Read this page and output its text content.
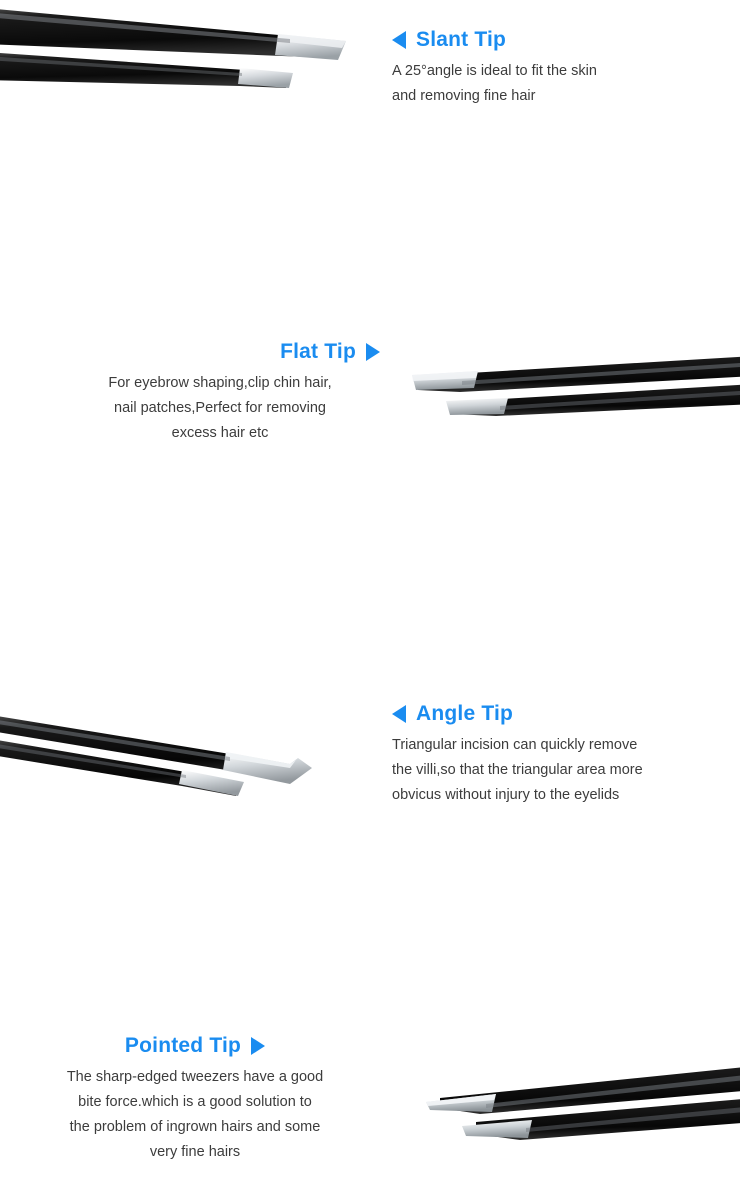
Slant Tip
A 25°angle is ideal to fit the skin
and removing fine hair
Flat Tip
For eyebrow shaping,clip chin hair,
nail patches,Perfect for removing
excess hair etc
Angle Tip
Triangular incision can quickly remove
the villi,so that the triangular area more
obvicus without injury to the eyelids
Pointed Tip
The sharp-edged tweezers have a good
bite force.which is a good solution to
the problem of ingrown hairs and some
very fine hairs
